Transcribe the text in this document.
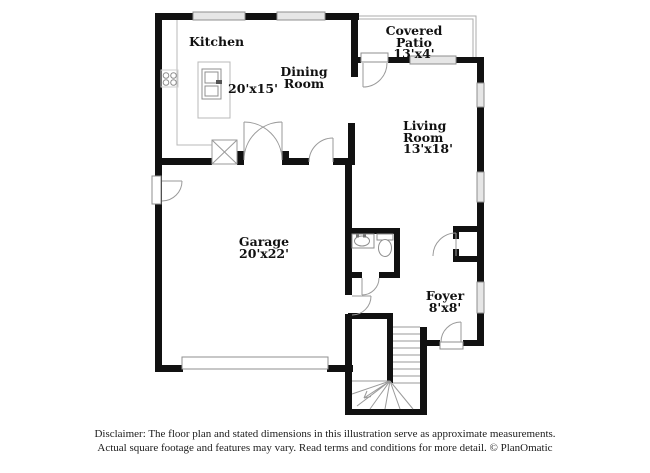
Kitchen
20'x15'
Dining Room
Covered Patio
13'x4'
Living Room
13'x18'
Garage
20'x22'
Foyer
8'x8'
Disclaimer: The floor plan and stated dimensions in this illustration serve as approximate measurements.
Actual square footage and features may vary. Read terms and conditions for more detail. © PlanOmatic
